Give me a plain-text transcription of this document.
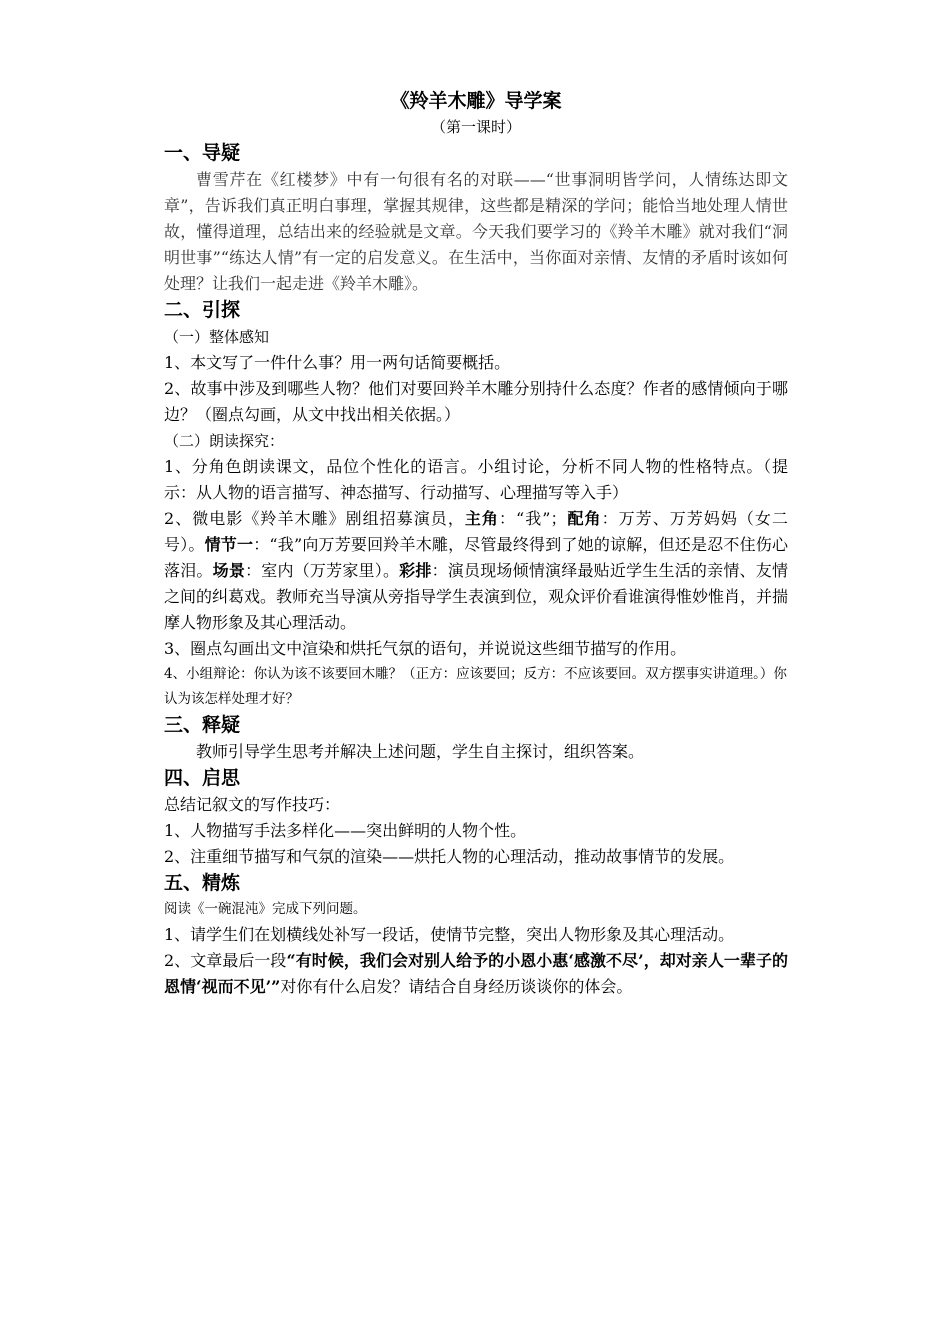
《羚羊木雕》导学案

（第一课时）

一、导疑

曹雪芹在《红楼梦》中有一句很有名的对联——“世事洞明皆学问，人情练达即文章”，告诉我们真正明白事理，掌握其规律，这些都是精深的学问；能恰当地处理人情世故，懂得道理，总结出来的经验就是文章。今天我们要学习的《羚羊木雕》就对我们“洞明世事”“练达人情”有一定的启发意义。在生活中，当你面对亲情、友情的矛盾时该如何处理？让我们一起走进《羚羊木雕》。

二、引探

（一）整体感知

1、本文写了一件什么事？用一两句话简要概括。

2、故事中涉及到哪些人物？他们对要回羚羊木雕分别持什么态度？作者的感情倾向于哪边？（圈点勾画，从文中找出相关依据。）

（二）朗读探究：

1、分角色朗读课文，品位个性化的语言。小组讨论，分析不同人物的性格特点。（提示：从人物的语言描写、神态描写、行动描写、心理描写等入手）

2、微电影《羚羊木雕》剧组招募演员，主角：“我”；配角：万芳、万芳妈妈（女二号）。情节一：“我”向万芳要回羚羊木雕，尽管最终得到了她的谅解，但还是忍不住伤心落泪。场景：室内（万芳家里）。彩排：演员现场倾情演绎最贴近学生生活的亲情、友情之间的纠葛戏。教师充当导演从旁指导学生表演到位，观众评价看谁演得惟妙惟肖，并揣摩人物形象及其心理活动。

3、圈点勾画出文中渲染和烘托气氛的语句，并说说这些细节描写的作用。

4、小组辩论：你认为该不该要回木雕？（正方：应该要回；反方：不应该要回。双方摆事实讲道理。）你认为该怎样处理才好？

三、释疑

教师引导学生思考并解决上述问题，学生自主探讨，组织答案。

四、启思

总结记叙文的写作技巧：

1、人物描写手法多样化——突出鲜明的人物个性。

2、注重细节描写和气氛的渲染——烘托人物的心理活动，推动故事情节的发展。

五、精炼

阅读《一碗混沌》完成下列问题。

1、请学生们在划横线处补写一段话，使情节完整，突出人物形象及其心理活动。

2、文章最后一段“有时候，我们会对别人给予的小恩小惠‘感激不尽’，却对亲人一辈子的恩情‘视而不见’”对你有什么启发？请结合自身经历谈谈你的体会。
